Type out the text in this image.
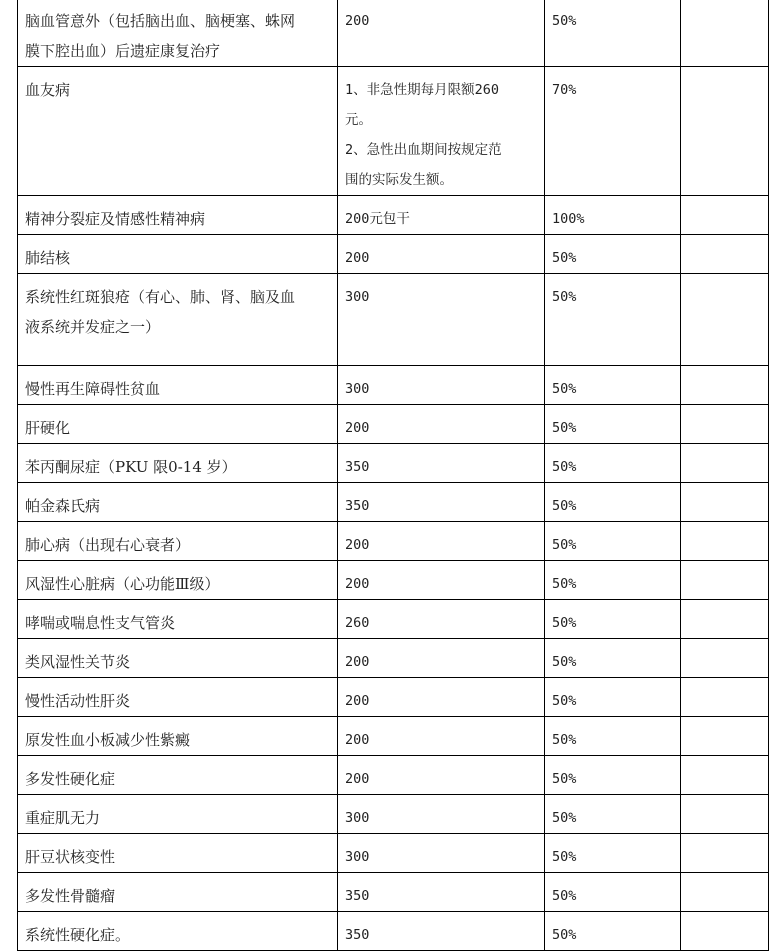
脑血管意外（包括脑出血、脑梗塞、蛛网
膜下腔出血）后遗症康复治疗	200	50%	

血友病	1、非急性期每月限额260
元。
2、急性出血期间按规定范
围的实际发生额。	70%	

精神分裂症及情感性精神病	200元包干	100%	

肺结核	200	50%	

系统性红斑狼疮（有心、肺、肾、脑及血
液系统并发症之一）	300	50%	

慢性再生障碍性贫血	300	50%	

肝硬化	200	50%	

苯丙酮尿症（PKU 限0-14 岁）	350	50%	

帕金森氏病	350	50%	

肺心病（出现右心衰者）	200	50%	

风湿性心脏病（心功能Ⅲ级）	200	50%	

哮喘或喘息性支气管炎	260	50%	

类风湿性关节炎	200	50%	

慢性活动性肝炎	200	50%	

原发性血小板减少性紫癜	200	50%	

多发性硬化症	200	50%	

重症肌无力	300	50%	

肝豆状核变性	300	50%	

多发性骨髓瘤	350	50%	

系统性硬化症。	350	50%	
